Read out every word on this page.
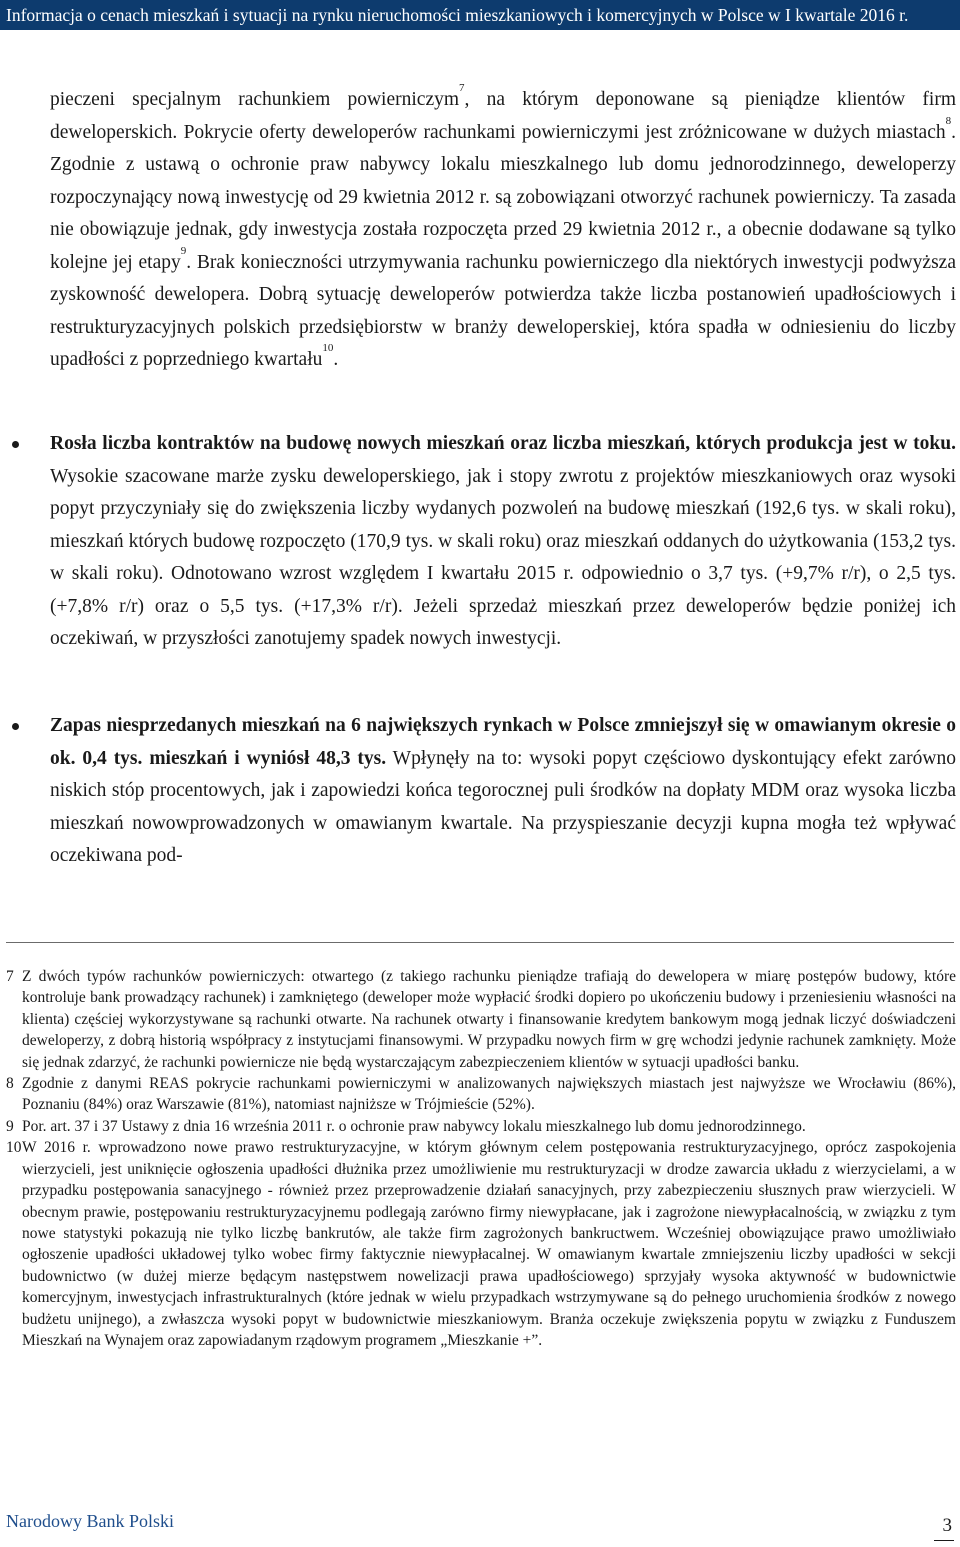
Informacja o cenach mieszkań i sytuacji na rynku nieruchomości mieszkaniowych i komercyjnych w Polsce w I kwartale 2016 r.

pieczeni specjalnym rachunkiem powierniczym$^7$, na którym deponowane są pieniądze klientów firm deweloperskich. Pokrycie oferty deweloperów rachunkami powierniczymi jest zróżnicowane w dużych miastach$^8$. Zgodnie z ustawą o ochronie praw nabywcy lokalu mieszkalnego lub domu jednorodzinnego, deweloperzy rozpoczynający nową inwestycję od 29 kwietnia 2012 r. są zobowiązani otworzyć rachunek powierniczy. Ta zasada nie obowiązuje jednak, gdy inwestycja została rozpoczęta przed 29 kwietnia 2012 r., a obecnie dodawane są tylko kolejne jej etapy$^9$. Brak konieczności utrzymywania rachunku powierniczego dla niektórych inwestycji podwyższa zyskowność dewelopera. Dobrą sytuację deweloperów potwierdza także liczba postanowień upadłościowych i restrukturyzacyjnych polskich przedsiębiorstw w branży deweloperskiej, która spadła w odniesieniu do liczby upadłości z poprzedniego kwartału$^{10}$.

Rosła liczba kontraktów na budowę nowych mieszkań oraz liczba mieszkań, których produkcja jest w toku. Wysokie szacowane marże zysku deweloperskiego, jak i stopy zwrotu z projektów mieszkaniowych oraz wysoki popyt przyczyniały się do zwiększenia liczby wydanych pozwoleń na budowę mieszkań (192,6 tys. w skali roku), mieszkań których budowę rozpoczęto (170,9 tys. w skali roku) oraz mieszkań oddanych do użytkowania (153,2 tys. w skali roku). Odnotowano wzrost względem I kwartału 2015 r. odpowiednio o 3,7 tys. (+9,7% r/r), o 2,5 tys. (+7,8% r/r) oraz o 5,5 tys. (+17,3% r/r). Jeżeli sprzedaż mieszkań przez deweloperów będzie poniżej ich oczekiwań, w przyszłości zanotujemy spadek nowych inwestycji.

Zapas niesprzedanych mieszkań na 6 największych rynkach w Polsce zmniejszył się w omawianym okresie o ok. 0,4 tys. mieszkań i wyniósł 48,3 tys. Wpłynęły na to: wysoki popyt częściowo dyskontujący efekt zarówno niskich stóp procentowych, jak i zapowiedzi końca tegorocznej puli środków na dopłaty MDM oraz wysoka liczba mieszkań nowowprowadzonych w omawianym kwartale. Na przyspieszanie decyzji kupna mogła też wpływać oczekiwana pod-

7 Z dwóch typów rachunków powierniczych: otwartego (z takiego rachunku pieniądze trafiają do dewelopera w miarę postępów budowy, które kontroluje bank prowadzący rachunek) i zamkniętego (deweloper może wypłacić środki dopiero po ukończeniu budowy i przeniesieniu własności na klienta) częściej wykorzystywane są rachunki otwarte. Na rachunek otwarty i finansowanie kredytem bankowym mogą jednak liczyć doświadczeni deweloperzy, z dobrą historią współpracy z instytucjami finansowymi. W przypadku nowych firm w grę wchodzi jedynie rachunek zamknięty. Może się jednak zdarzyć, że rachunki powiernicze nie będą wystarczającym zabezpieczeniem klientów w sytuacji upadłości banku.

8 Zgodnie z danymi REAS pokrycie rachunkami powierniczymi w analizowanych największych miastach jest najwyższe we Wrocławiu (86%), Poznaniu (84%) oraz Warszawie (81%), natomiast najniższe w Trójmieście (52%).

9 Por. art. 37 i 37 Ustawy z dnia 16 września 2011 r. o ochronie praw nabywcy lokalu mieszkalnego lub domu jednorodzinnego.

10 W 2016 r. wprowadzono nowe prawo restrukturyzacyjne, w którym głównym celem postępowania restrukturyzacyjnego, oprócz zaspokojenia wierzycieli, jest uniknięcie ogłoszenia upadłości dłużnika przez umożliwienie mu restrukturyzacji w drodze zawarcia układu z wierzycielami, a w przypadku postępowania sanacyjnego - również przez przeprowadzenie działań sanacyjnych, przy zabezpieczeniu słusznych praw wierzycieli. W obecnym prawie, postępowaniu restrukturyzacyjnemu podlegają zarówno firmy niewypłacane, jak i zagrożone niewypłacalnością, w związku z tym nowe statystyki pokazują nie tylko liczbę bankrutów, ale także firm zagrożonych bankructwem. Wcześniej obowiązujące prawo umożliwiało ogłoszenie upadłości układowej tylko wobec firmy faktycznie niewypłacalnej. W omawianym kwartale zmniejszeniu liczby upadłości w sekcji budownictwo (w dużej mierze będącym następstwem nowelizacji prawa upadłościowego) sprzyjały wysoka aktywność w budownictwie komercyjnym, inwestycjach infrastrukturalnych (które jednak w wielu przypadkach wstrzymywane są do pełnego uruchomienia środków z nowego budżetu unijnego), a zwłaszcza wysoki popyt w budownictwie mieszkaniowym. Branża oczekuje zwiększenia popytu w związku z Funduszem Mieszkań na Wynajem oraz zapowiadanym rządowym programem „Mieszkanie +”.

Narodowy Bank Polski	3
